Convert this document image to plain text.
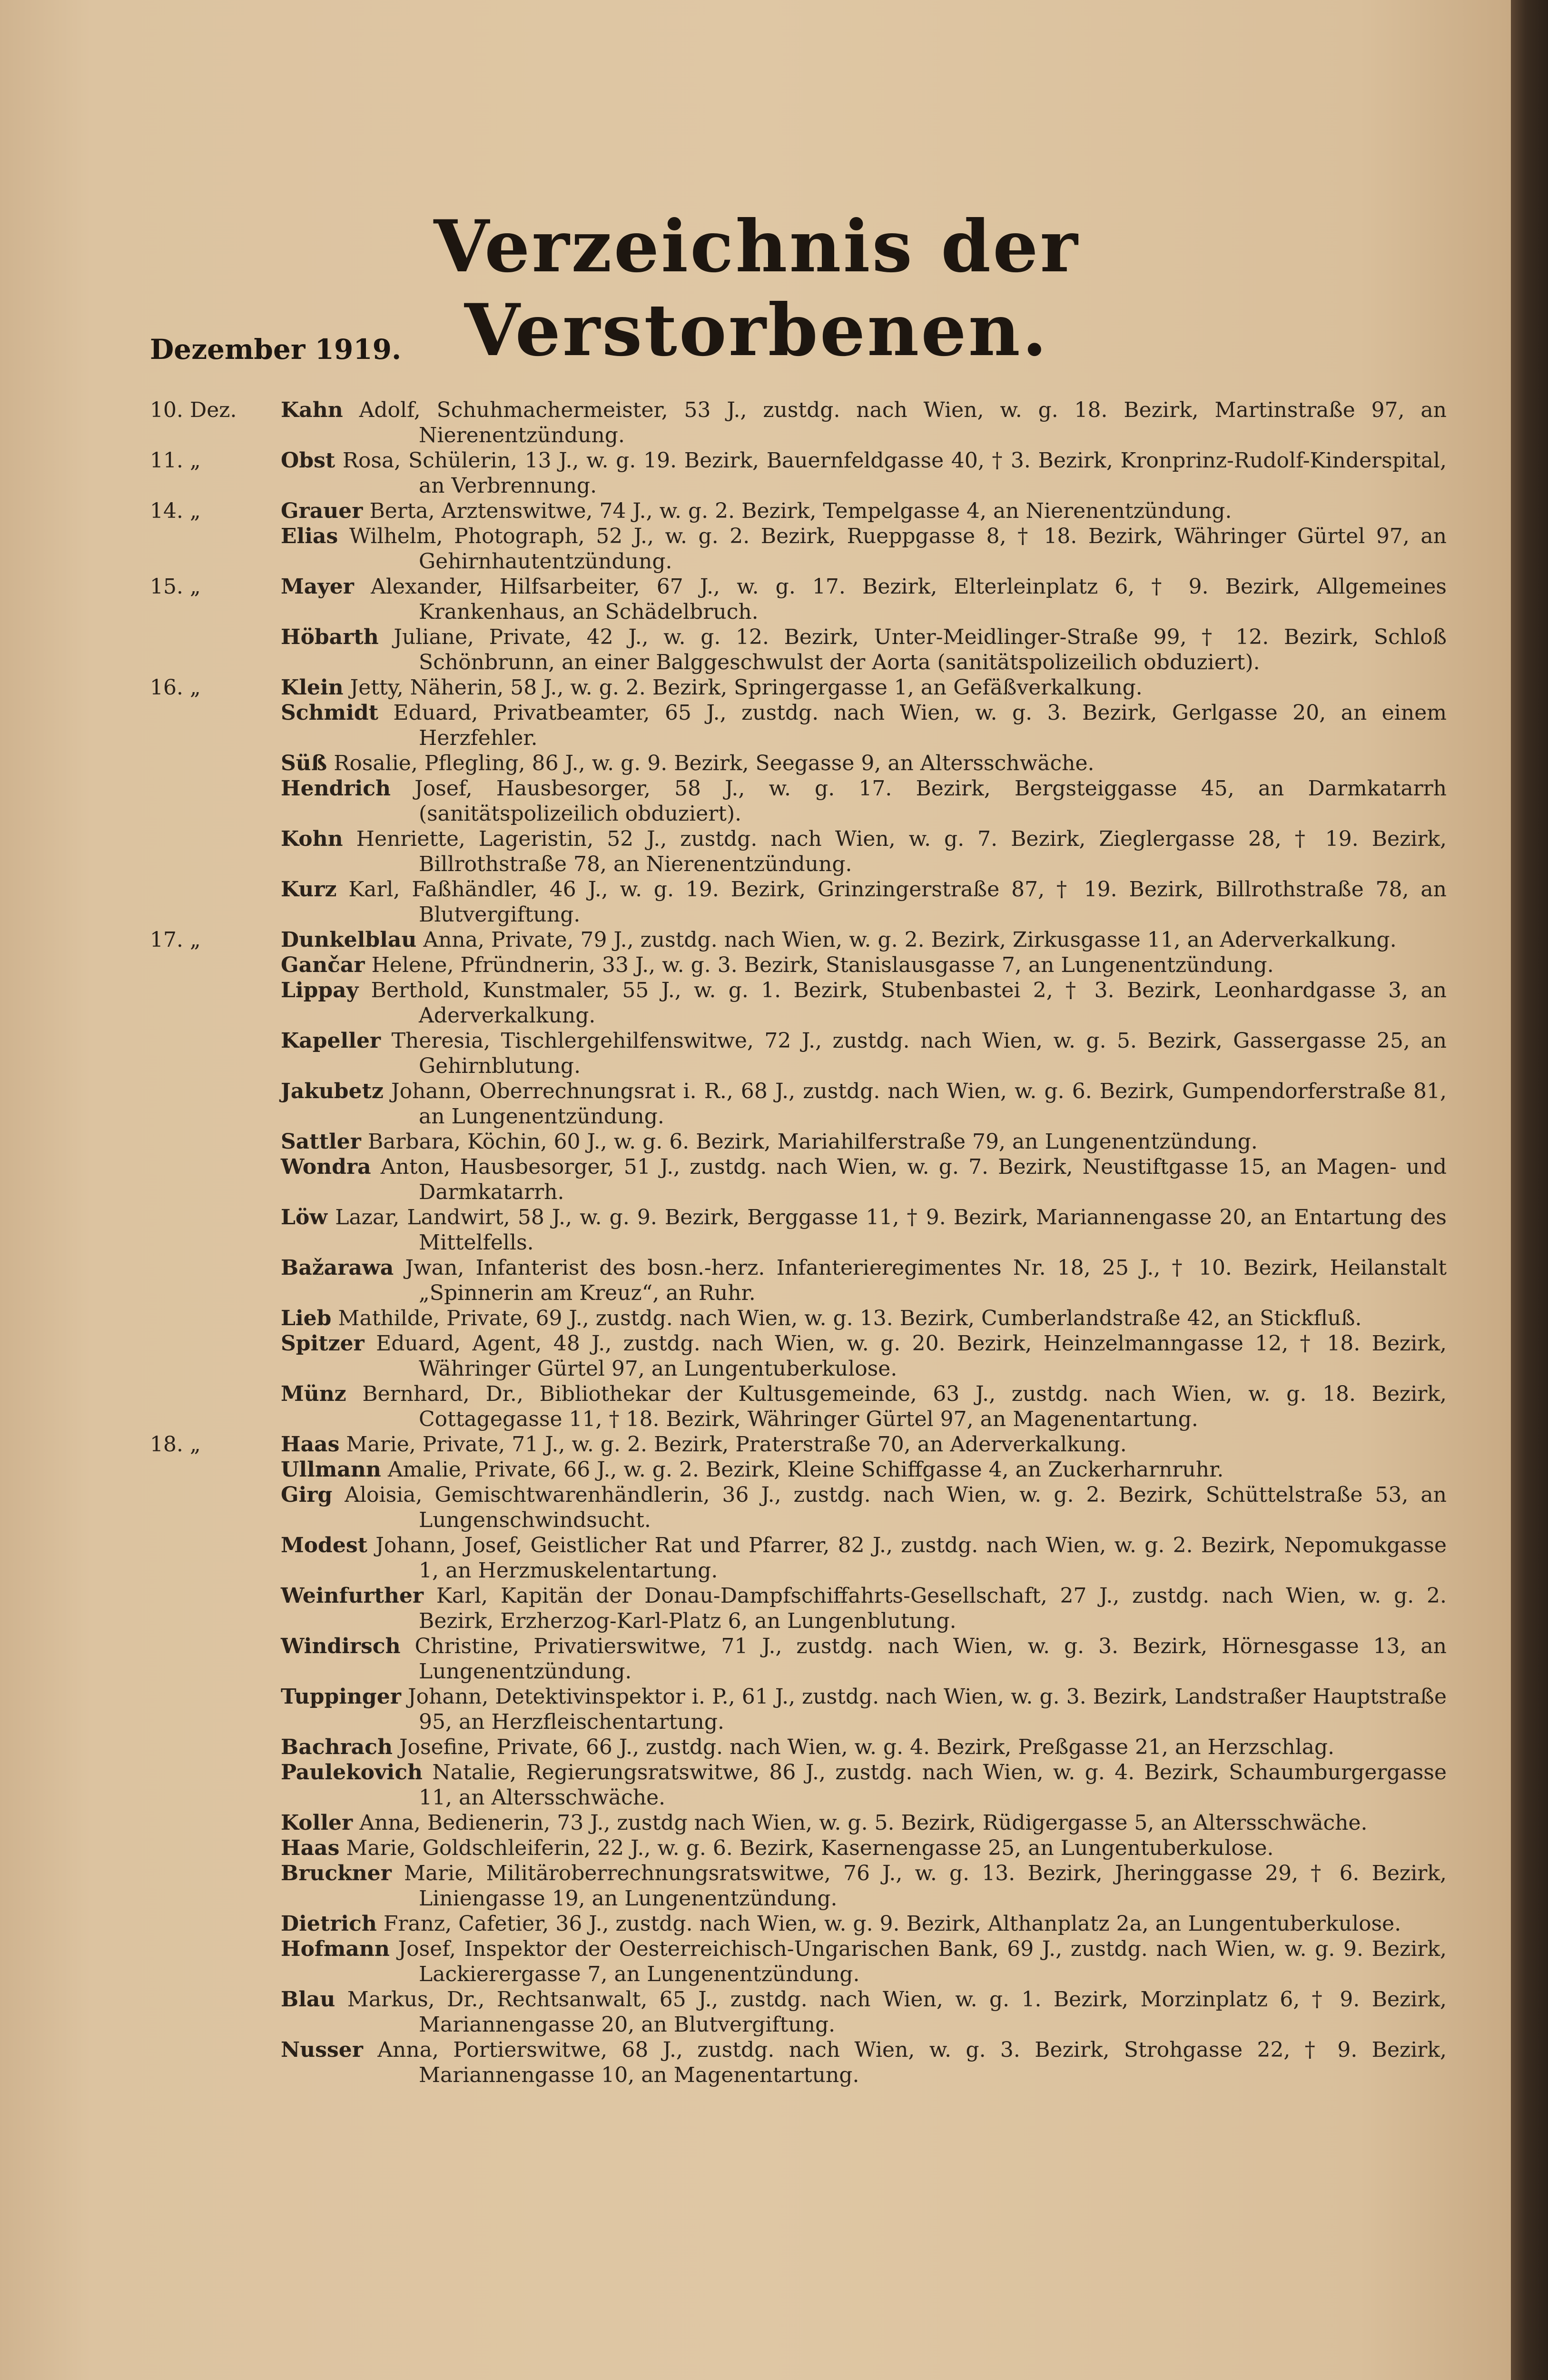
Verzeichnis der Verstorbenen.
Dezember 1919.
10. Dez. Kahn Adolf, Schuhmachermeister, 53 J., zustdg. nach Wien, w. g. 18. Bezirk, Martinstraße 97, an Nierenentzündung.
11. „	Obst Rosa, Schülerin, 13 J., w. g. 19. Bezirk, Bauernfeldgasse 40, † 3. Bezirk, Kronprinz-Rudolf-Kinderspital, an Verbrennung.
14. „	Grauer Berta, Arztenswitwe, 74 J., w. g. 2. Bezirk, Tempelgasse 4, an Nierenentzündung.
Elias Wilhelm, Photograph, 52 J., w. g. 2. Bezirk, Rueppgasse 8, † 18. Bezirk, Währinger Gürtel 97, an Gehirnhautentzündung.
15. „	Mayer Alexander, Hilfsarbeiter, 67 J., w. g. 17. Bezirk, Elterleinplatz 6, † 9. Bezirk, Allgemeines Krankenhaus, an Schädelbruch.
Höbarth Juliane, Private, 42 J., w. g. 12. Bezirk, Unter-Meidlinger-Straße 99, † 12. Bezirk, Schloß Schönbrunn, an einer Balggeschwulst der Aorta (sanitätspolizeilich obduziert).
16. „	Klein Jetty, Näherin, 58 J., w. g. 2. Bezirk, Springergasse 1, an Gefäßverkalkung.
Schmidt Eduard, Privatbeamter, 65 J., zustdg. nach Wien, w. g. 3. Bezirk, Gerlgasse 20, an einem Herzfehler.
Süß Rosalie, Pflegling, 86 J., w. g. 9. Bezirk, Seegasse 9, an Altersschwäche.
Hendrich Josef, Hausbesorger, 58 J., w. g. 17. Bezirk, Bergsteiggasse 45, an Darmkatarrh (sanitätspolizeilich obduziert).
Kohn Henriette, Lageristin, 52 J., zustdg. nach Wien, w. g. 7. Bezirk, Zieglergasse 28, † 19. Bezirk, Billrothstraße 78, an Nierenentzündung.
Kurz Karl, Faßhändler, 46 J., w. g. 19. Bezirk, Grinzingerstraße 87, † 19. Bezirk, Billrothstraße 78, an Blutvergiftung.
17. „	Dunkelblau Anna, Private, 79 J., zustdg. nach Wien, w. g. 2. Bezirk, Zirkusgasse 11, an Aderverkalkung.
Gančar Helene, Pfründnerin, 33 J., w. g. 3. Bezirk, Stanislausgasse 7, an Lungenentzündung.
Lippay Berthold, Kunstmaler, 55 J., w. g. 1. Bezirk, Stubenbastei 2, † 3. Bezirk, Leonhardgasse 3, an Aderverkalkung.
Kapeller Theresia, Tischlergehilfenswitwe, 72 J., zustdg. nach Wien, w. g. 5. Bezirk, Gassergasse 25, an Gehirnblutung.
Jakubetz Johann, Oberrechnungsrat i. R., 68 J., zustdg. nach Wien, w. g. 6. Bezirk, Gumpendorferstraße 81, an Lungenentzündung.
Sattler Barbara, Köchin, 60 J., w. g. 6. Bezirk, Mariahilferstraße 79, an Lungenentzündung.
Wondra Anton, Hausbesorger, 51 J., zustdg. nach Wien, w. g. 7. Bezirk, Neustiftgasse 15, an Magen- und Darmkatarrh.
Löw Lazar, Landwirt, 58 J., w. g. 9. Bezirk, Berggasse 11, † 9. Bezirk, Mariannengasse 20, an Entartung des Mittelfells.
Bažarawa Jwan, Infanterist des bosn.-herz. Infanterieregimentes Nr. 18, 25 J., † 10. Bezirk, Heilanstalt „Spinnerin am Kreuz“, an Ruhr.
Lieb Mathilde, Private, 69 J., zustdg. nach Wien, w. g. 13. Bezirk, Cumberlandstraße 42, an Stickfluß.
Spitzer Eduard, Agent, 48 J., zustdg. nach Wien, w. g. 20. Bezirk, Heinzelmanngasse 12, † 18. Bezirk, Währinger Gürtel 97, an Lungentuberkulose.
Münz Bernhard, Dr., Bibliothekar der Kultusgemeinde, 63 J., zustdg. nach Wien, w. g. 18. Bezirk, Cottagegasse 11, † 18. Bezirk, Währinger Gürtel 97, an Magenentartung.
18. „	Haas Marie, Private, 71 J., w. g. 2. Bezirk, Praterstraße 70, an Aderverkalkung.
Ullmann Amalie, Private, 66 J., w. g. 2. Bezirk, Kleine Schiffgasse 4, an Zuckerharnruhr.
Girg Aloisia, Gemischtwarenhändlerin, 36 J., zustdg. nach Wien, w. g. 2. Bezirk, Schüttelstraße 53, an Lungenschwindsucht.
Modest Johann, Josef, Geistlicher Rat und Pfarrer, 82 J., zustdg. nach Wien, w. g. 2. Bezirk, Nepomukgasse 1, an Herzmuskelentartung.
Weinfurther Karl, Kapitän der Donau-Dampfschiffahrts-Gesellschaft, 27 J., zustdg. nach Wien, w. g. 2. Bezirk, Erzherzog-Karl-Platz 6, an Lungenblutung.
Windirsch Christine, Privatierswitwe, 71 J., zustdg. nach Wien, w. g. 3. Bezirk, Hörnesgasse 13, an Lungenentzündung.
Tuppinger Johann, Detektivinspektor i. P., 61 J., zustdg. nach Wien, w. g. 3. Bezirk, Landstraßer Hauptstraße 95, an Herzfleischentartung.
Bachrach Josefine, Private, 66 J., zustdg. nach Wien, w. g. 4. Bezirk, Preßgasse 21, an Herzschlag.
Paulekovich Natalie, Regierungsratswitwe, 86 J., zustdg. nach Wien, w. g. 4. Bezirk, Schaumburgergasse 11, an Altersschwäche.
Koller Anna, Bedienerin, 73 J., zustdg nach Wien, w. g. 5. Bezirk, Rüdigergasse 5, an Altersschwäche.
Haas Marie, Goldschleiferin, 22 J., w. g. 6. Bezirk, Kasernengasse 25, an Lungentuberkulose.
Bruckner Marie, Militäroberrechnungsratswitwe, 76 J., w. g. 13. Bezirk, Jheringgasse 29, † 6. Bezirk, Liniengasse 19, an Lungenentzündung.
Dietrich Franz, Cafetier, 36 J., zustdg. nach Wien, w. g. 9. Bezirk, Althanplatz 2a, an Lungentuberkulose.
Hofmann Josef, Inspektor der Oesterreichisch-Ungarischen Bank, 69 J., zustdg. nach Wien, w. g. 9. Bezirk, Lackierergasse 7, an Lungenentzündung.
Blau Markus, Dr., Rechtsanwalt, 65 J., zustdg. nach Wien, w. g. 1. Bezirk, Morzinplatz 6, † 9. Bezirk, Mariannengasse 20, an Blutvergiftung.
Nusser Anna, Portierswitwe, 68 J., zustdg. nach Wien, w. g. 3. Bezirk, Strohgasse 22, † 9. Bezirk, Mariannengasse 10, an Magenentartung.
